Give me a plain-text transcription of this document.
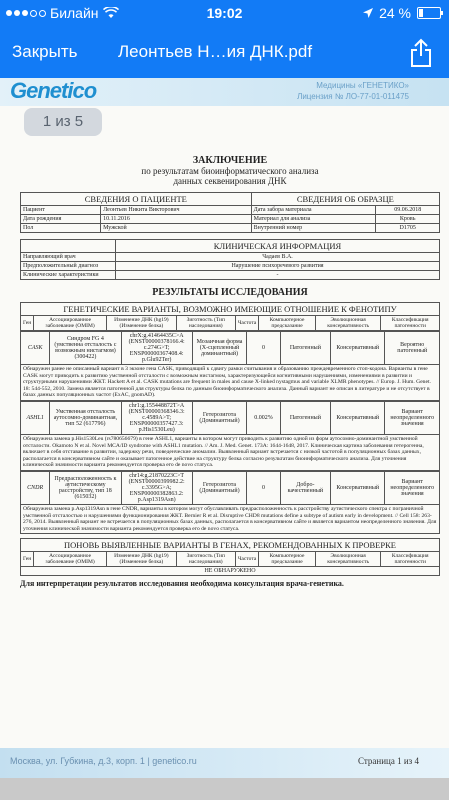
Билайн	19:02	24 %
Закрыть Леонтьев Н…ия ДНК.pdf
Genetico	Медицины «ГЕНЕТИКО»
Лицензия № ЛО-77-01-011475
ЗАКЛЮЧЕНИЕ
по результатам биоинформатического анализа
данных секвенирования ДНК
СВЕДЕНИЯ О ПАЦИЕНТЕ		СВЕДЕНИЯ ОБ ОБРАЗЦЕ	
Пациент	Леонтьев Никита Викторович	Дата забора материала	09.06.2018
Дата рождения	10.11.2016	Материал для анализа	Кровь
Пол	Мужской	Внутренний номер	D1705
	КЛИНИЧЕСКАЯ ИНФОРМАЦИЯ
Направляющий врач	Чадаев В.А.
Предположительный диагноз	Нарушение психоречевого развития
Клинические характеристики	-
РЕЗУЛЬТАТЫ ИССЛЕДОВАНИЯ
ГЕНЕТИЧЕСКИЕ ВАРИАНТЫ, ВОЗМОЖНО ИМЕЮЩИЕ ОТНОШЕНИЕ К ФЕНОТИПУ
Ген	Ассоциированное заболевание (OMIM)	Изменение ДНК (hg19) (Изменение белка)	Зиготность (Тип наследования)	Частота	Компьютерное предсказание	Эволюционная консервативность	Классификация патогенности
CASK	Синдром FG 4 (умственна отсталость с возможным нистагмом) (300422)	chrX:g.41464435C>A (ENST00000378166.4: c.274G>T; ENSP00000367408.4: p.Glu92Ter)	Мозаичная форма (X-сцепленный доминантный)	0	Патогенный	Консервативный	Вероятно патогенный
Обнаружен ранее не описанный вариант в 3 экзоне гена CASK, приводящий к сдвигу рамки считывания и образованию преждевременного стоп-кодона. Варианты в гене CASK могут приводить к развитию умственной отсталости с возможным нистагмом, характеризующейся когнитивными нарушениями, изменениями в развитии и структурными нарушениями ЖКТ. Hackett A et al. CASK mutations are frequent in males and cause X-linked nystagmus and variable XLMR phenotypes. // Europ. J. Hum. Genet. 18: 544-552, 2010. Замена является патогенной для структуры белка по данным биоинформатического анализа. Данный вариант не описан в литературе и не отсутствует в базах данных популяционных частот (ExAC, gnomAD).
ASHL1	Умственная отсталость аутосомно-доминантная, тип 52 (617796)	chr1:g.155448872T>A (ENST00000368346.3: c.4589A>T; ENSP00000357427.3: p.His1530Leu)	Гетерозигота (Доминантный)	0.002%	Патогенный	Консервативный	Вариант неопределенного значения
Обнаружена замена p.His1530Leu (rs780656679) в гене ASHL1, варианты в котором могут приводить к развитию одной из форм аутосомно-доминантной умственной отсталости. Okamoto N et al. Novel MCA/ID syndrome with ASHL1 mutation. // Am. J. Med. Genet. 173A: 1644-1648, 2017. Клиническая картина заболевания гетерогенна, включает в себя отставание в развитии, задержку речи, поведенческие аномалии. Выявленный вариант встречается с низкой частотой в популяционных базах данных, располагается в консервативном сайте и оказывает патогенное действие на структуру белка согласно результатам биоинформатического анализа. Для уточнения клинической значимости варианта рекомендуется проверка его de novo статуса.
CNDR	Предрасположенность к аутистическому расстройству, тип 18 (615032)	chr14:g.21870223C>T (ENST00000399982.2: c.3395G>A; ENSP00000382863.2: p.Asp1319Asn)	Гетерозигота (Доминантный)	0	Добро-качественный	Консервативный	Вариант неопределенного значения
Обнаружена замена p.Asp1319Asn в гене CNDR, варианты в котором могут обуславливать предрасположенность к расстройству аутистического спектра с пограничной умственной отсталостью и нарушениями функционирования ЖКТ. Bernier R et al. Disruptive CHD8 mutations define a subtype of autism early in development. // Cell 158: 263-276, 2014. Выявленный вариант не встречается в популяционных базах данных, располагается в консервативном сайте и является вариантом неопределенного значения. Для уточнения клинической значимости варианта рекомендуется проверка его de novo статуса.
ПОНОВЬ ВЫЯВЛЕННЫЕ ВАРИАНТЫ В ГЕНАХ, РЕКОМЕНДОВАННЫХ К ПРОВЕРКЕ
Ген	Ассоциированное заболевание (OMIM)	Изменение ДНК (hg19) (Изменение белка)	Зиготность (Тип наследования)	Частота	Компьютерное предсказание	Эволюционная консервативность	Классификация патогенности
НЕ ОБНАРУЖЕНО
Для интерпретации результатов исследования необходима консультация врача-генетика.
1 из 5
Москва, ул. Губкина, д.3, корп. 1 | genetico.ru	Страница 1 из 4
